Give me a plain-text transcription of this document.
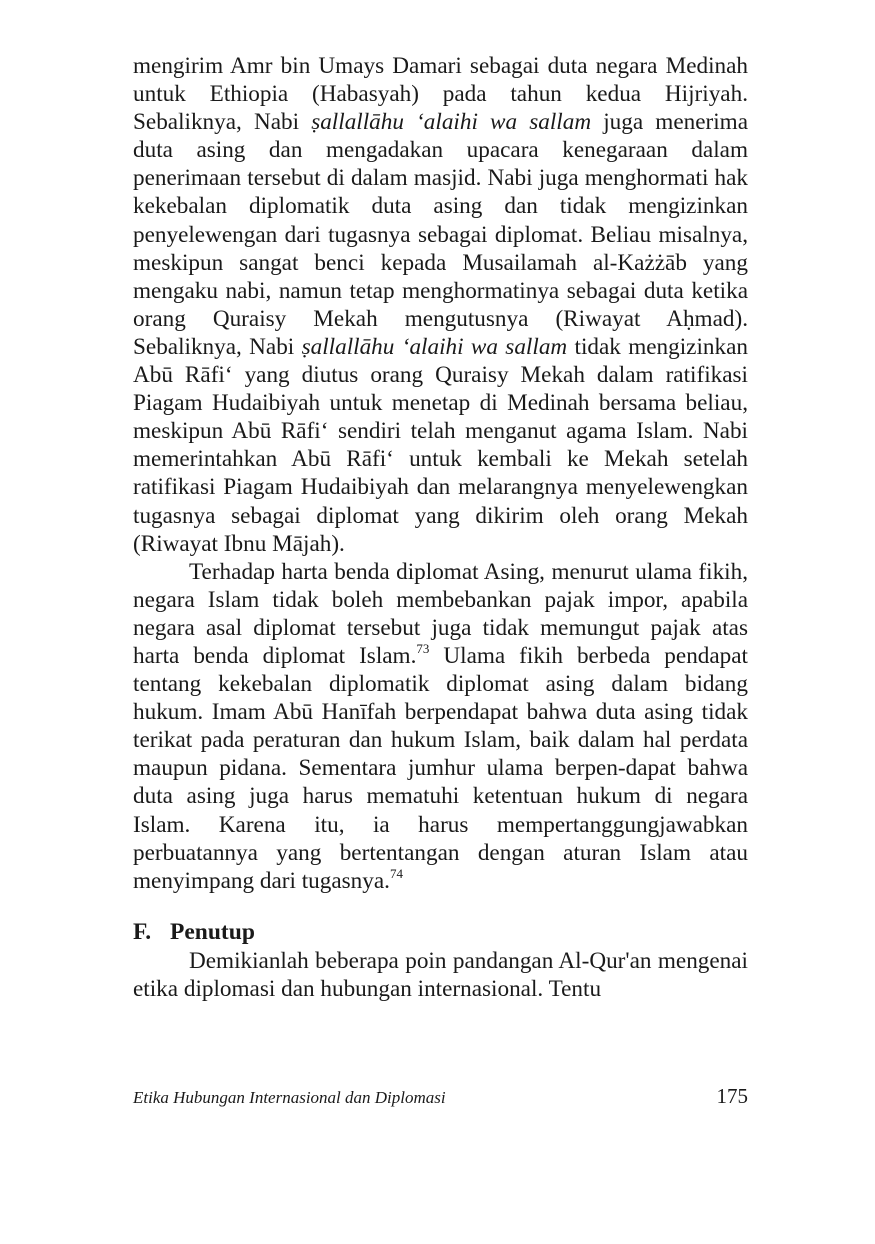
mengirim Amr bin Umays Damari sebagai duta negara Medinah untuk Ethiopia (Habasyah) pada tahun kedua Hijriyah. Sebaliknya, Nabi ṣallallāhu ‘alaihi wa sallam juga menerima duta asing dan mengadakan upacara kenegaraan dalam penerimaan tersebut di dalam masjid. Nabi juga menghormati hak kekebalan diplomatik duta asing dan tidak mengizinkan penyelewengan dari tugasnya sebagai diplomat. Beliau misalnya, meskipun sangat benci kepada Musailamah al-Każżāb yang mengaku nabi, namun tetap menghormatinya sebagai duta ketika orang Quraisy Mekah mengutusnya (Riwayat Aḥmad). Sebaliknya, Nabi ṣallallāhu ‘alaihi wa sallam tidak mengizinkan Abū Rāfi‘ yang diutus orang Quraisy Mekah dalam ratifikasi Piagam Hudaibiyah untuk menetap di Medinah bersama beliau, meskipun Abū Rāfi‘ sendiri telah menganut agama Islam. Nabi memerintahkan Abū Rāfi‘ untuk kembali ke Mekah setelah ratifikasi Piagam Hudaibiyah dan melarangnya menyelewengkan tugasnya sebagai diplomat yang dikirim oleh orang Mekah (Riwayat Ibnu Mājah).

Terhadap harta benda diplomat Asing, menurut ulama fikih, negara Islam tidak boleh membebankan pajak impor, apabila negara asal diplomat tersebut juga tidak memungut pajak atas harta benda diplomat Islam.$^{73}$ Ulama fikih berbeda pendapat tentang kekebalan diplomatik diplomat asing dalam bidang hukum. Imam Abū Hanīfah berpendapat bahwa duta asing tidak terikat pada peraturan dan hukum Islam, baik dalam hal perdata maupun pidana. Sementara jumhur ulama berpen-dapat bahwa duta asing juga harus mematuhi ketentuan hukum di negara Islam. Karena itu, ia harus mempertanggungjawabkan perbuatannya yang bertentangan dengan aturan Islam atau menyimpang dari tugasnya.$^{74}$

F. Penutup

Demikianlah beberapa poin pandangan Al-Qur'an mengenai etika diplomasi dan hubungan internasional. Tentu

Etika Hubungan Internasional dan Diplomasi	175
